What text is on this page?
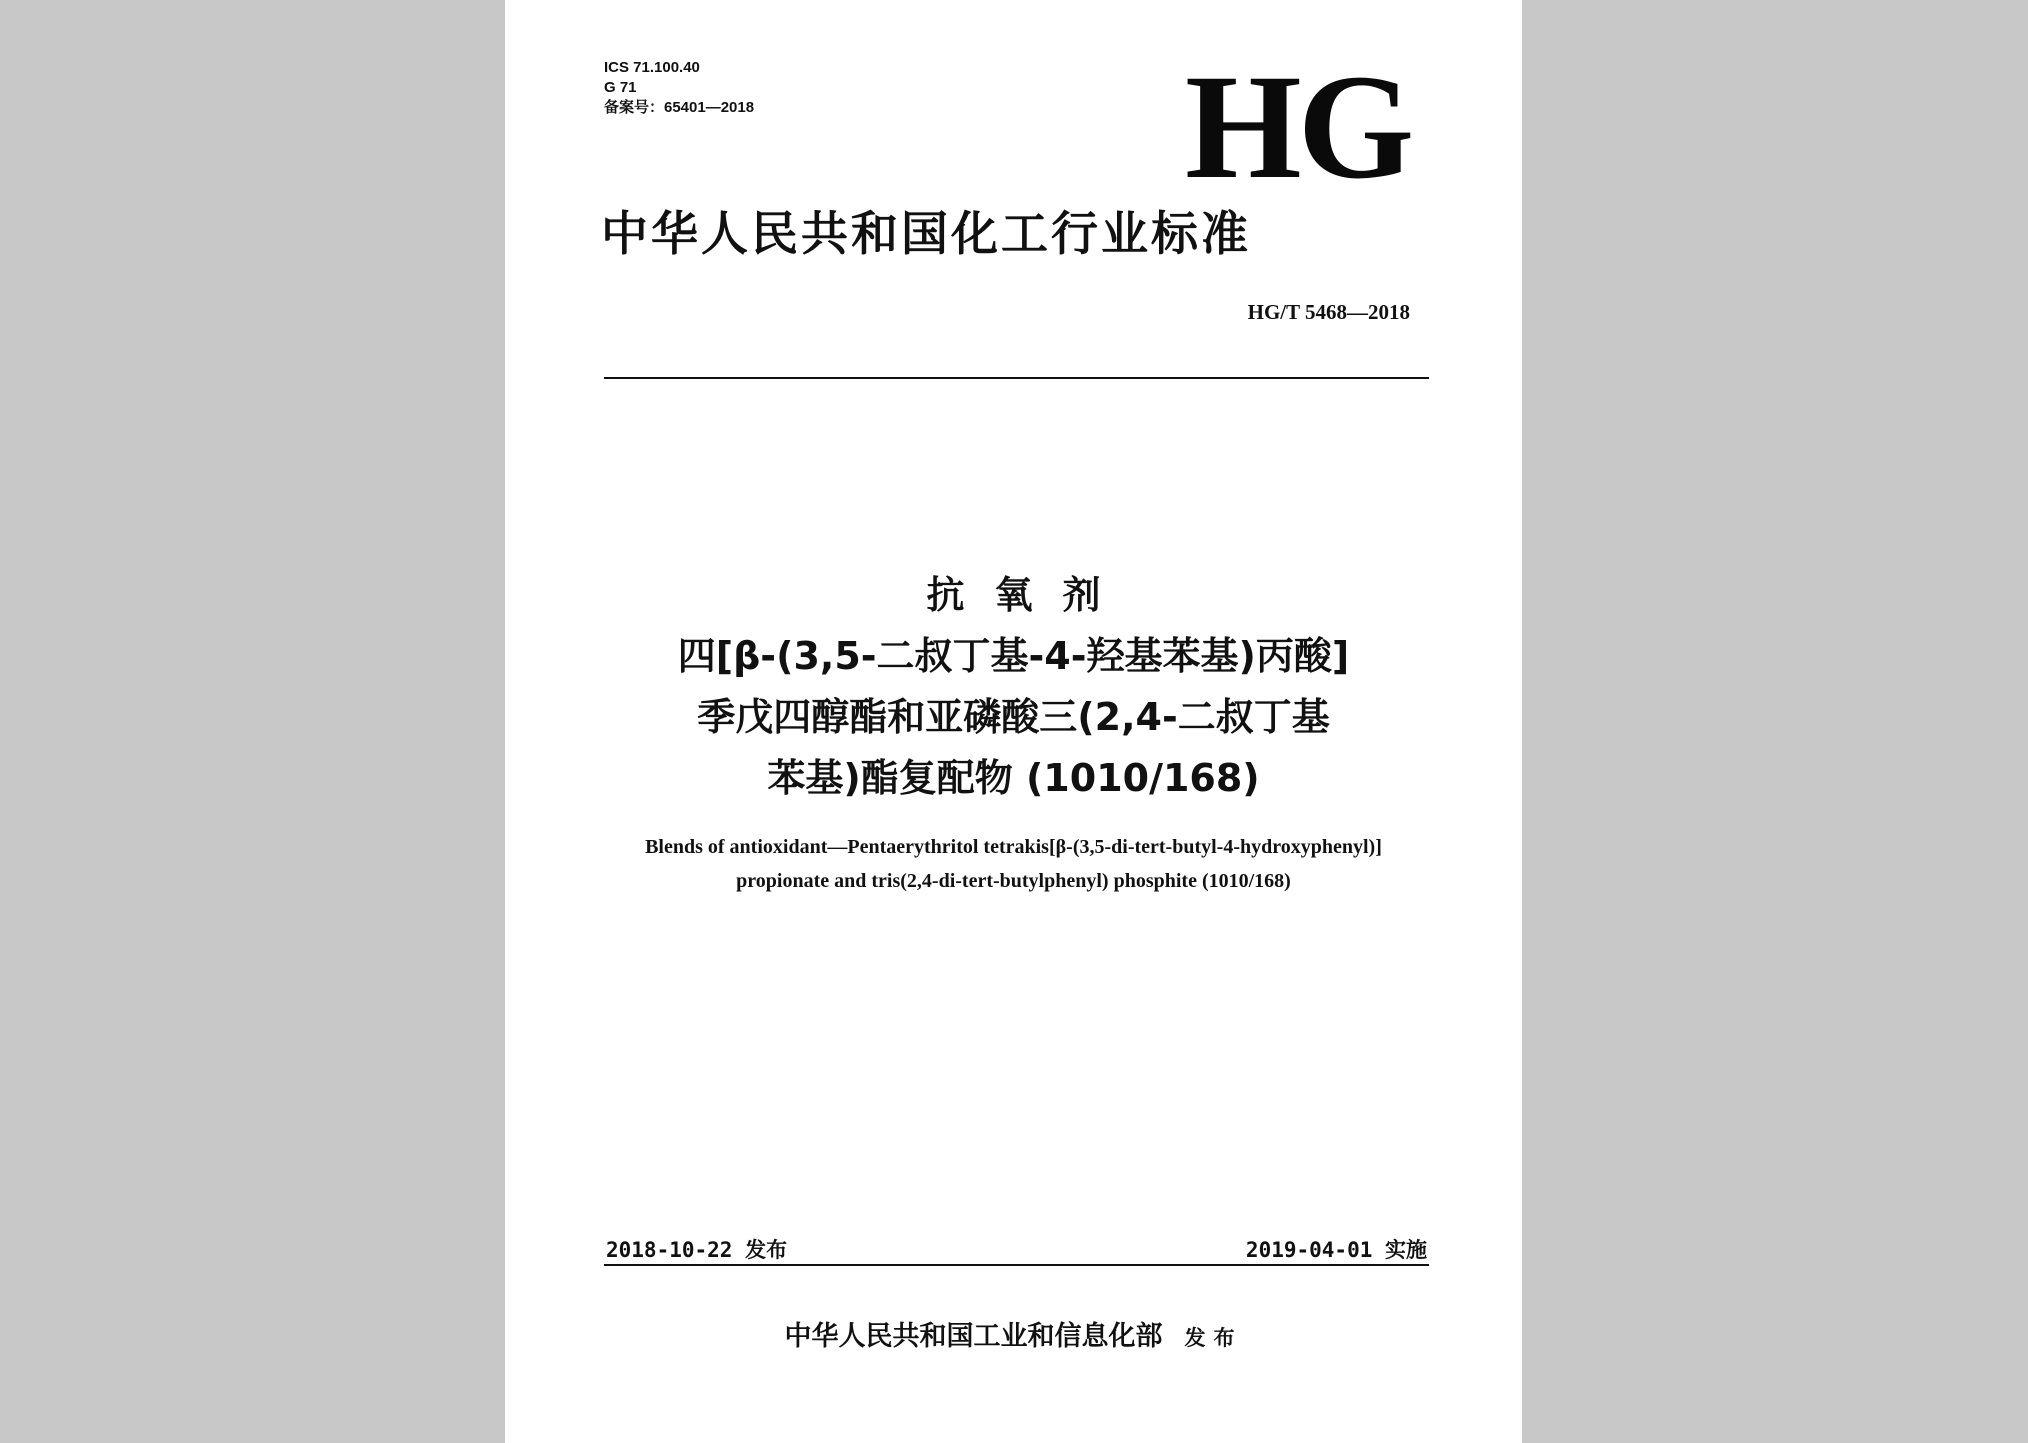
ICS 71.100.40
G 71
备案号：65401—2018	HG
中华人民共和国化工行业标准
HG/T 5468—2018
抗氧剂
四[β-(3,5-二叔丁基-4-羟基苯基)丙酸]
季戊四醇酯和亚磷酸三(2,4-二叔丁基
苯基)酯复配物 (1010/168)
Blends of antioxidant—Pentaerythritol tetrakis[β-(3,5-di-tert-butyl-4-hydroxyphenyl)]
propionate and tris(2,4-di-tert-butylphenyl) phosphite (1010/168)
2018-10-22 发布	2019-04-01 实施
中华人民共和国工业和信息化部 发布
